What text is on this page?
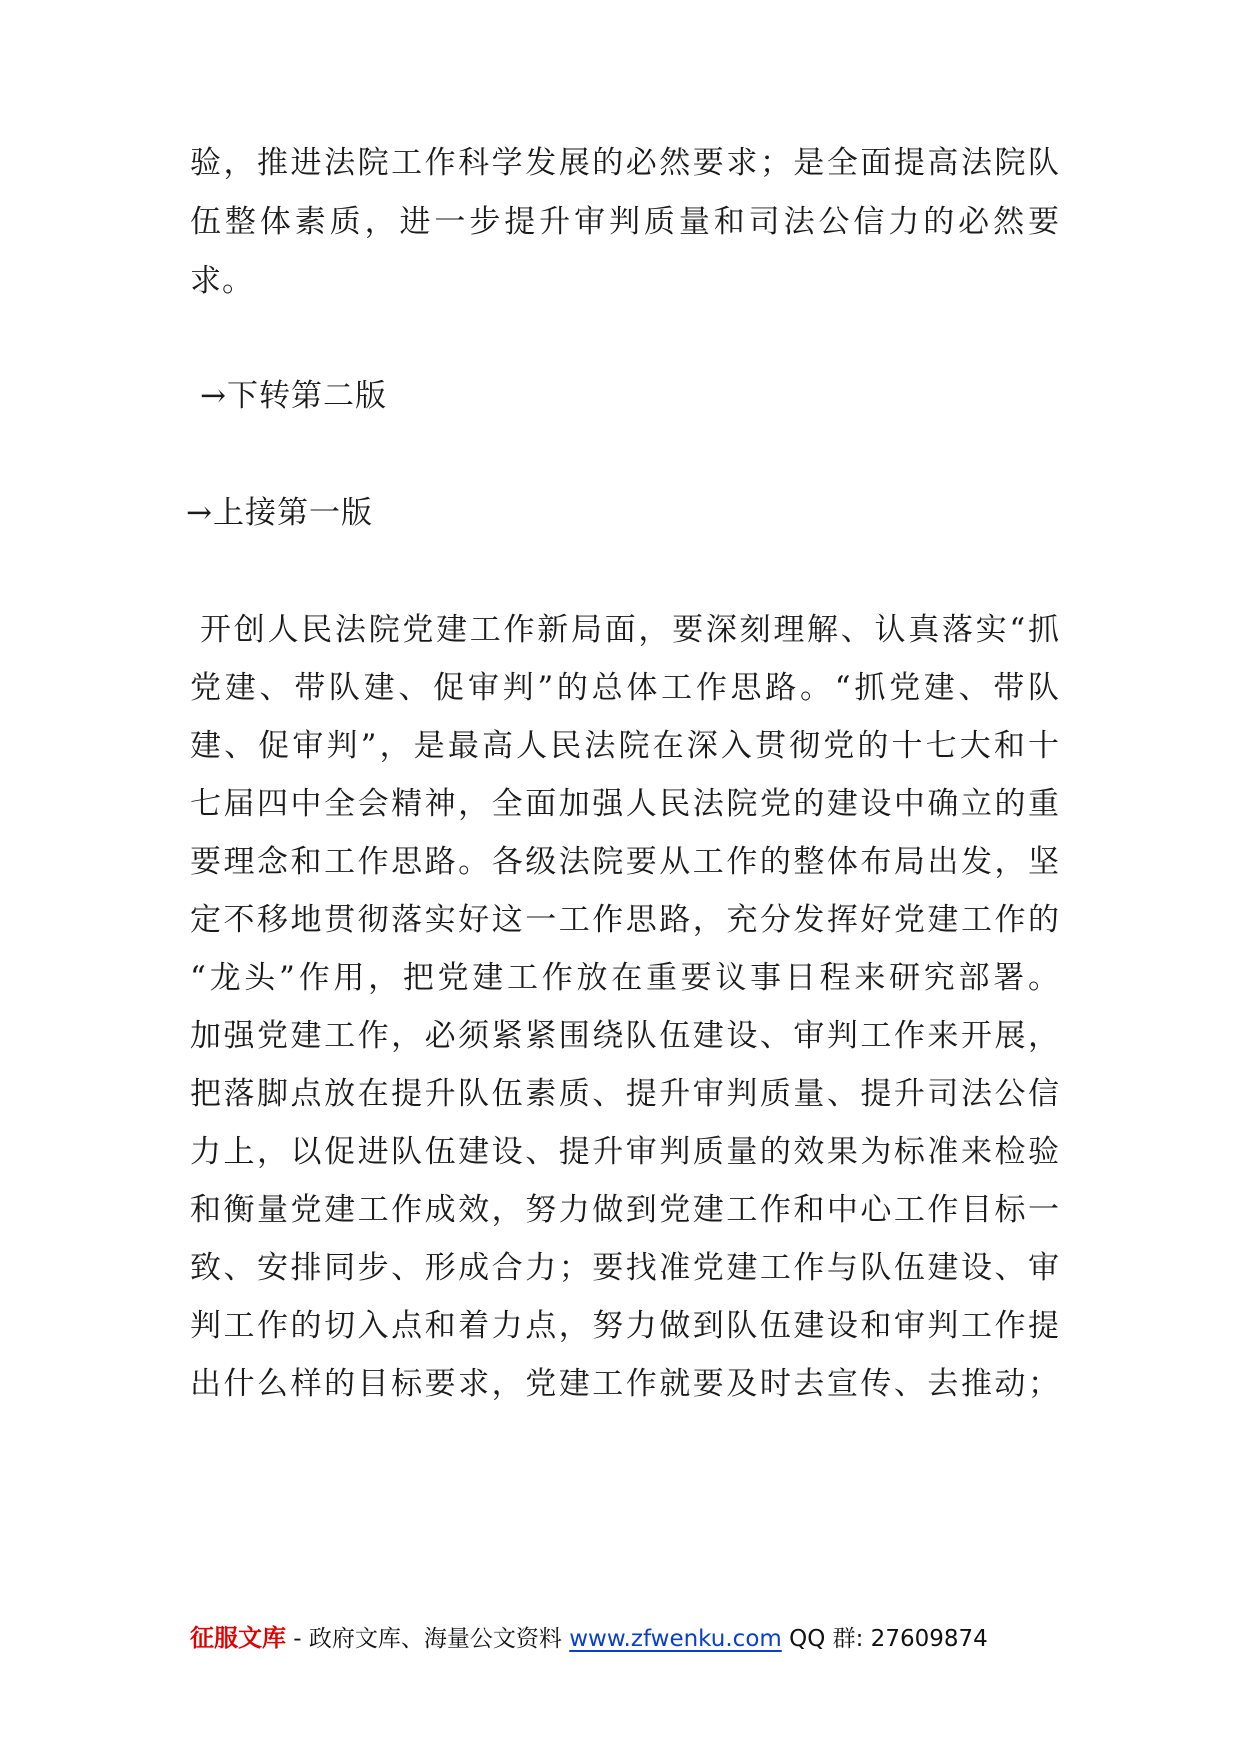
验，推进法院工作科学发展的必然要求；是全面提高法院队
伍整体素质，进一步提升审判质量和司法公信力的必然要
求。
→下转第二版
→上接第一版
开创人民法院党建工作新局面，要深刻理解、认真落实“抓
党建、带队建、促审判”的总体工作思路。“抓党建、带队
建、促审判”，是最高人民法院在深入贯彻党的十七大和十
七届四中全会精神，全面加强人民法院党的建设中确立的重
要理念和工作思路。各级法院要从工作的整体布局出发，坚
定不移地贯彻落实好这一工作思路，充分发挥好党建工作的
“龙头”作用，把党建工作放在重要议事日程来研究部署。
加强党建工作，必须紧紧围绕队伍建设、审判工作来开展，
把落脚点放在提升队伍素质、提升审判质量、提升司法公信
力上，以促进队伍建设、提升审判质量的效果为标准来检验
和衡量党建工作成效，努力做到党建工作和中心工作目标一
致、安排同步、形成合力；要找准党建工作与队伍建设、审
判工作的切入点和着力点，努力做到队伍建设和审判工作提
出什么样的目标要求，党建工作就要及时去宣传、去推动；
征服文库 - 政府文库、海量公文资料 www.zfwenku.com QQ 群: 27609874
